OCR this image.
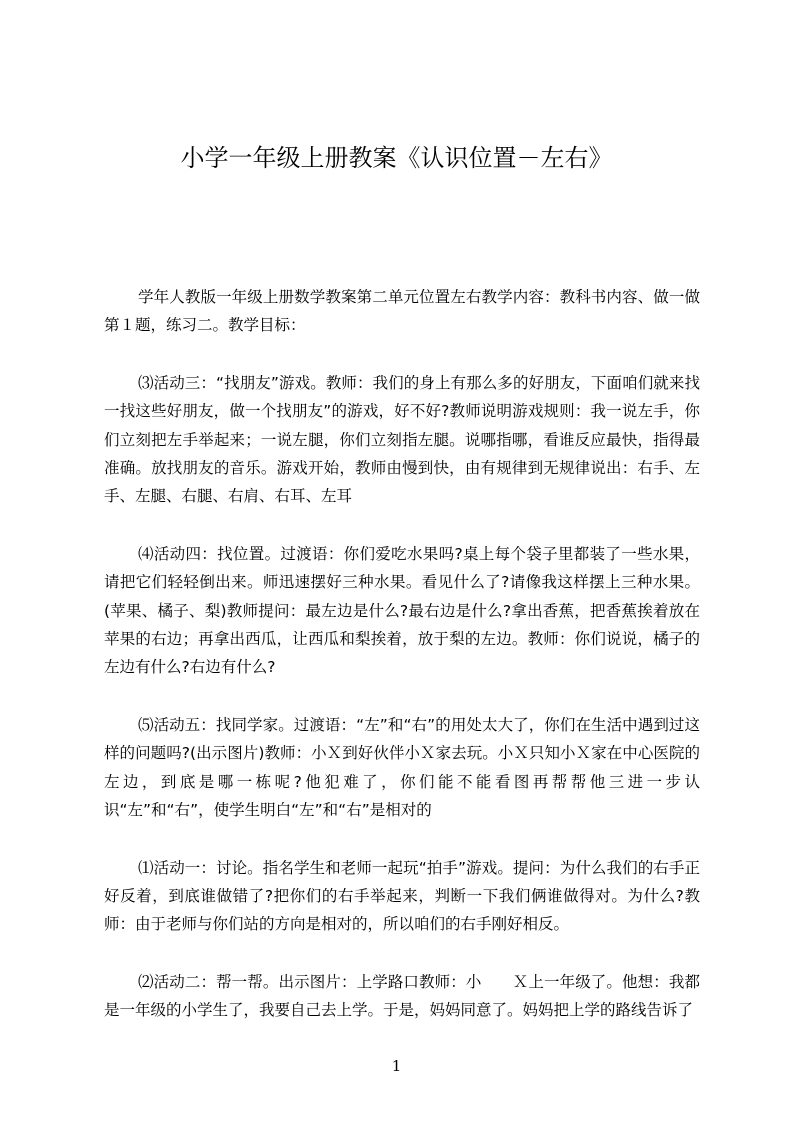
小学一年级上册教案《认识位置－左右》

学年人教版一年级上册数学教案第二单元位置左右教学内容：教科书内容、做一做第１题，练习二。教学目标：

⑶活动三：“找朋友”游戏。教师：我们的身上有那么多的好朋友，下面咱们就来找一找这些好朋友，做一个找朋友”的游戏，好不好?教师说明游戏规则：我一说左手，你们立刻把左手举起来；一说左腿，你们立刻指左腿。说哪指哪，看谁反应最快，指得最准确。放找朋友的音乐。游戏开始，教师由慢到快，由有规律到无规律说出：右手、左手、左腿、右腿、右肩、右耳、左耳

⑷活动四：找位置。过渡语：你们爱吃水果吗?桌上每个袋子里都装了一些水果，请把它们轻轻倒出来。师迅速摆好三种水果。看见什么了?请像我这样摆上三种水果。(苹果、橘子、梨)教师提问：最左边是什么?最右边是什么?拿出香蕉，把香蕉挨着放在苹果的右边；再拿出西瓜，让西瓜和梨挨着，放于梨的左边。教师：你们说说，橘子的左边有什么?右边有什么?

⑸活动五：找同学家。过渡语：“左”和“右”的用处太大了，你们在生活中遇到过这样的问题吗?(出示图片)教师：小Ｘ到好伙伴小Ｘ家去玩。小Ｘ只知小Ｘ家在中心医院的左边，到底是哪一栋呢?他犯难了，你们能不能看图再帮帮他三进一步认识“左”和“右”，使学生明白“左”和“右”是相对的

⑴活动一：讨论。指名学生和老师一起玩“拍手”游戏。提问：为什么我们的右手正好反着，到底谁做错了?把你们的右手举起来，判断一下我们俩谁做得对。为什么?教师：由于老师与你们站的方向是相对的，所以咱们的右手刚好相反。

⑵活动二：帮一帮。出示图片：上学路口教师：小　　Ｘ上一年级了。他想：我都是一年级的小学生了，我要自己去上学。于是，妈妈同意了。妈妈把上学的路线告诉了

1
